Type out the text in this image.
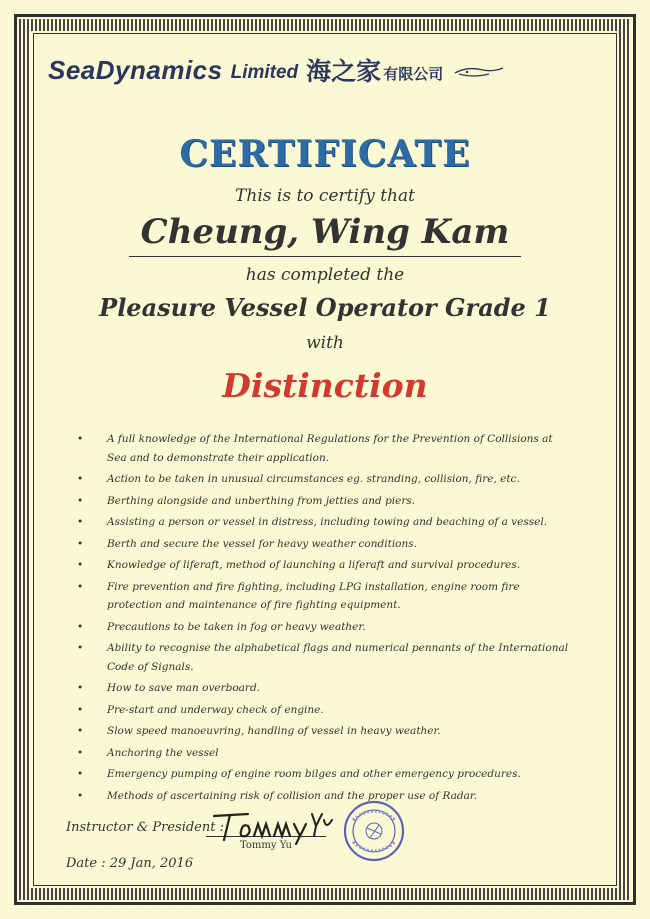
SeaDynamics Limited 海之家 有限公司
CERTIFICATE
This is to certify that
Cheung, Wing Kam
has completed the
Pleasure Vessel Operator Grade 1
with
Distinction
• A full knowledge of the International Regulations for the Prevention of Collisions at Sea and to demonstrate their application.
• Action to be taken in unusual circumstances eg. stranding, collision, fire, etc.
• Berthing alongside and unberthing from jetties and piers.
• Assisting a person or vessel in distress, including towing and beaching of a vessel.
• Berth and secure the vessel for heavy weather conditions.
• Knowledge of liferaft, method of launching a liferaft and survival procedures.
• Fire prevention and fire fighting, including LPG installation, engine room fire protection and maintenance of fire fighting equipment.
• Precautions to be taken in fog or heavy weather.
• Ability to recognise the alphabetical flags and numerical pennants of the International Code of Signals.
• How to save man overboard.
• Pre-start and underway check of engine.
• Slow speed manoeuvring, handling of vessel in heavy weather.
• Anchoring the vessel
• Emergency pumping of engine room bilges and other emergency procedures.
• Methods of ascertaining risk of collision and the proper use of Radar.
Instructor & President :
Tommy Yu
Date : 29 Jan, 2016
